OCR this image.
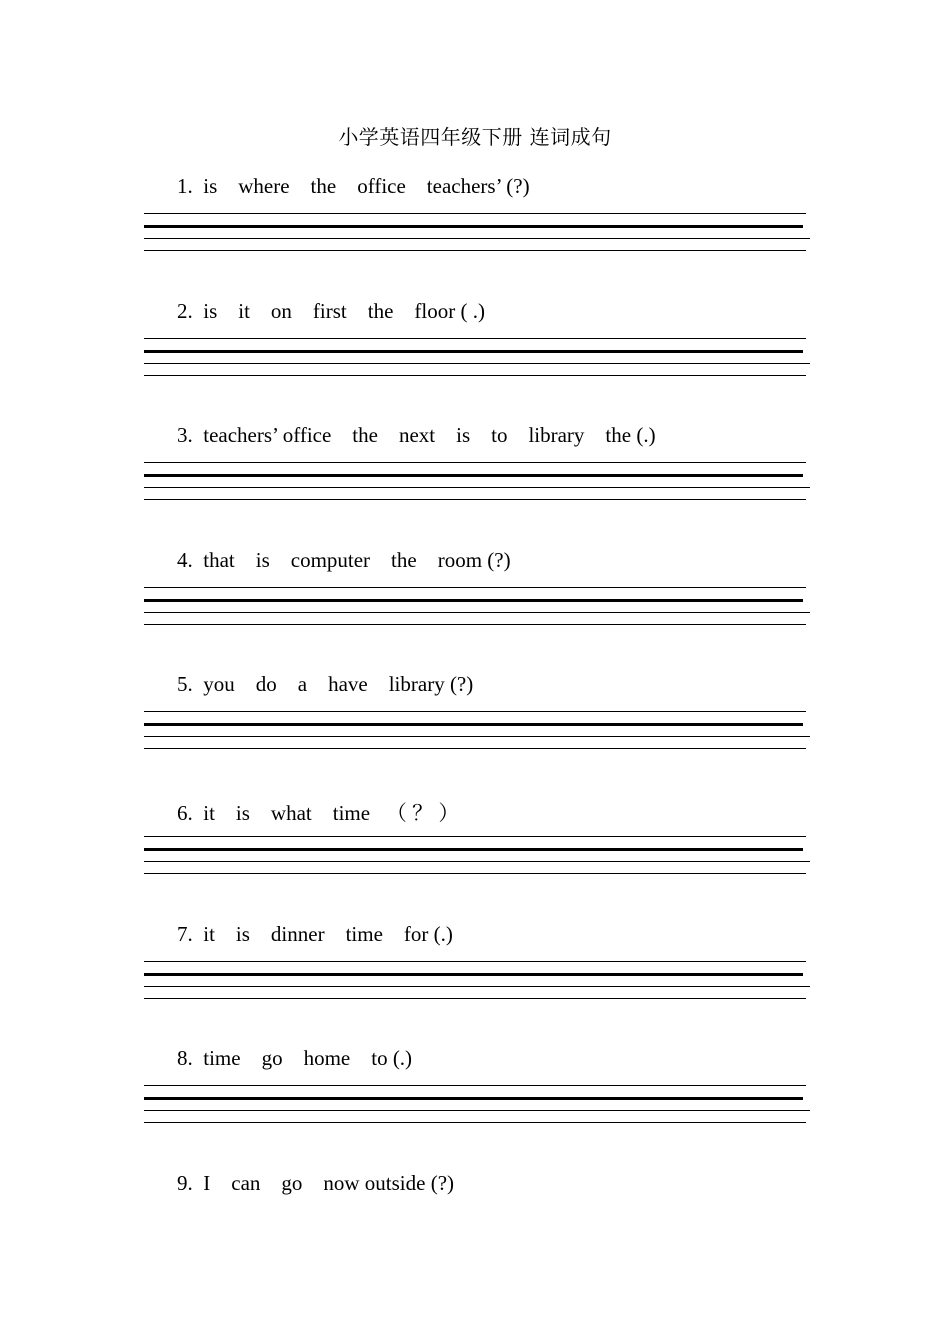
小学英语四年级下册 连词成句
1.  is    where    the    office    teachers’ (?)
2.  is    it    on    first    the    floor ( .)
3.  teachers’ office    the    next    is    to    library    the (.)
4.  that    is    computer    the    room (?)
5.  you    do    a    have    library (?)
6.  it    is    what    time   （ ？ ）
7.  it    is    dinner    time    for (.)
8.  time    go    home    to (.)
9.  I    can    go    now outside (?)
